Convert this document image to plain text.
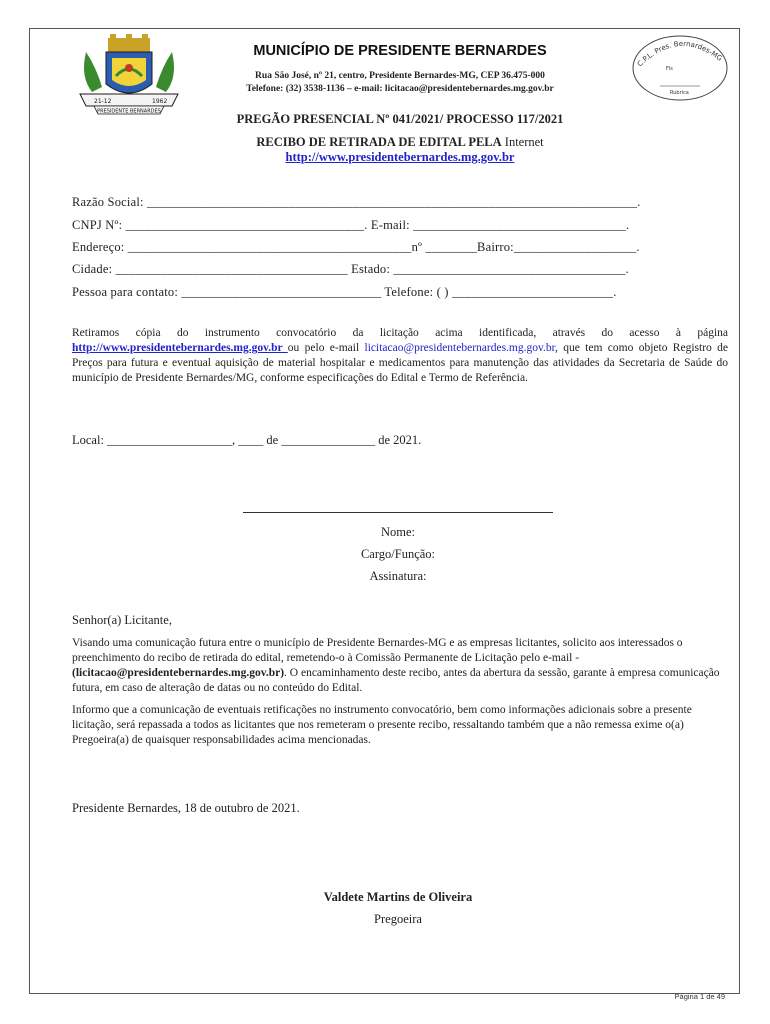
21-12	1962
PRESIDENTE BERNARDES
C.P.L. Pres. Bernardes-MG
Fls
Rubrica
MUNICÍPIO DE PRESIDENTE BERNARDES
Rua São José, nº 21, centro, Presidente Bernardes-MG, CEP 36.475-000
Telefone: (32) 3538-1136 – e-mail: licitacao@presidentebernardes.mg.gov.br
PREGÃO PRESENCIAL Nº 041/2021/ PROCESSO 117/2021
RECIBO DE RETIRADA DE EDITAL PELA Internet
http://www.presidentebernardes.mg.gov.br
Razão Social: ____________________________________________________________________________.
CNPJ Nº: _____________________________________. E-mail: _________________________________.
Endereço: ____________________________________________nº ________Bairro:___________________.
Cidade: ____________________________________ Estado: ____________________________________.
Pessoa para contato: _______________________________ Telefone: ( ) _________________________.
Retiramos cópia do instrumento convocatório da licitação acima identificada, através do acesso à página http://www.presidentebernardes.mg.gov.br ou pelo e-mail licitacao@presidentebernardes.mg.gov.br, que tem como objeto Registro de Preços para futura e eventual aquisição de material hospitalar e medicamentos para manutenção das atividades da Secretaria de Saúde do município de Presidente Bernardes/MG, conforme especificações do Edital e Termo de Referência.
Local: ____________________, ____ de _______________ de 2021.
Nome:
Cargo/Função:
Assinatura:
Senhor(a) Licitante,
Visando uma comunicação futura entre o município de Presidente Bernardes-MG e as empresas licitantes, solicito aos interessados o preenchimento do recibo de retirada do edital, remetendo-o à Comissão Permanente de Licitação pelo e-mail - (licitacao@presidentebernardes.mg.gov.br). O encaminhamento deste recibo, antes da abertura da sessão, garante à empresa comunicação futura, em caso de alteração de datas ou no conteúdo do Edital.
Informo que a comunicação de eventuais retificações no instrumento convocatório, bem como informações adicionais sobre a presente licitação, será repassada a todos as licitantes que nos remeteram o presente recibo, ressaltando também que a não remessa exime o(a) Pregoeira(a) de quaisquer responsabilidades acima mencionadas.
Presidente Bernardes, 18 de outubro de 2021.
Valdete Martins de Oliveira
Pregoeira
Página 1 de 49
